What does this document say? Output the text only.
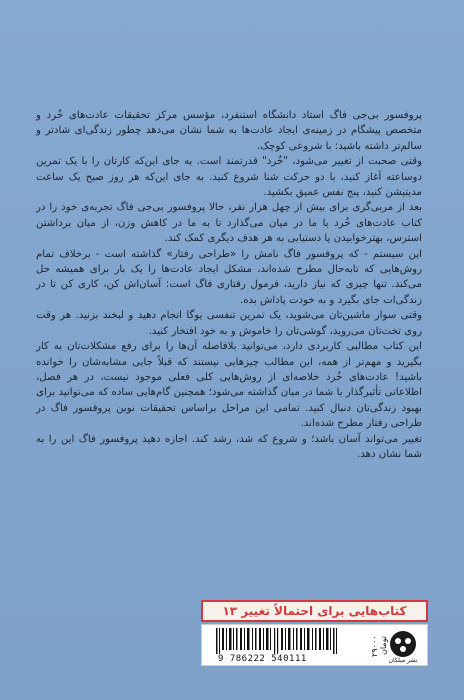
پروفسور بی‌جی فاگ استاد دانشگاه استنفرد، مؤسس مرکز تحقیقات عادت‌های خُرد و متخصص پیشگام در زمینه‌ی ایجاد عادت‌ها به شما نشان می‌دهد چطور زندگی‌ای شادتر و سالم‌تر داشته باشید: با شروعی کوچک.

وقتی صحبت از تغییر می‌شود، "خُرد" قدرتمند است. به جای این‌که کارتان را با یک تمرین دوساعته آغاز کنید، با دو حرکت شنا شروع کنید. به جای این‌که هر روز صبح یک ساعت مدیتیشن کنید، پنج نفس عمیق بکشید.

بعد از مربی‌گری برای بیش از چهل هزار نفر، حالا پروفسور بی‌جی فاگ تجربه‌ی خود را در کتاب عادت‌های خُرد با ما در میان می‌گذارد تا به ما در کاهش وزن، از میان برداشتن استرس، بهترخوابیدن یا دستیابی به هر هدف دیگری کمک کند.

این سیستم - که پروفسور فاگ نامش را «طراحی رفتار» گذاشته است - برخلاف تمام روش‌هایی که تابه‌حال مطرح شده‌اند، مشکل ایجاد عادت‌ها را یک بار برای همیشه حل می‌کند. تنها چیزی که نیاز دارید، فرمول رفتاری فاگ است: آسان‌اش کن، کاری کن تا در زندگی‌ات جای بگیرد و به خودت پاداش بده.

وقتی سوار ماشین‌تان می‌شوید، یک تمرین تنفسی یوگا انجام دهید و لبخند بزنید. هر وقت روی تخت‌تان می‌روید، گوشی‌تان را خاموش و به خود افتخار کنید.

این کتاب مطالبی کاربردی دارد، می‌توانید بلافاصله آن‌ها را برای رفع مشکلات‌تان به کار بگیرید و مهم‌تر از همه، این مطالب چیزهایی نیستند که قبلاً جایی مشابه‌شان را خوانده باشید! عادت‌های خُرد خلاصه‌ای از روش‌هایی کلی فعلی موجود نیست، در هر فصل، اطلاعاتی تأثیرگذار با شما در میان گذاشته می‌شود؛ همچنین گام‌هایی ساده که می‌توانید برای بهبود زندگی‌تان دنبال کنید. تمامی این مراحل براساس تحقیقات نوین پروفسور فاگ در طراحی رفتار مطرح شده‌اند.

تغییر می‌تواند آسان باشد؛ و شروع که شد، رشد کند. اجازه دهید پروفسور فاگ این را به شما نشان دهد.

کتاب‌هایی برای احتمالاً تغییر ۱۳
9 786222 540111
۲۹۰۰۰ تومان
نشر میلکان
